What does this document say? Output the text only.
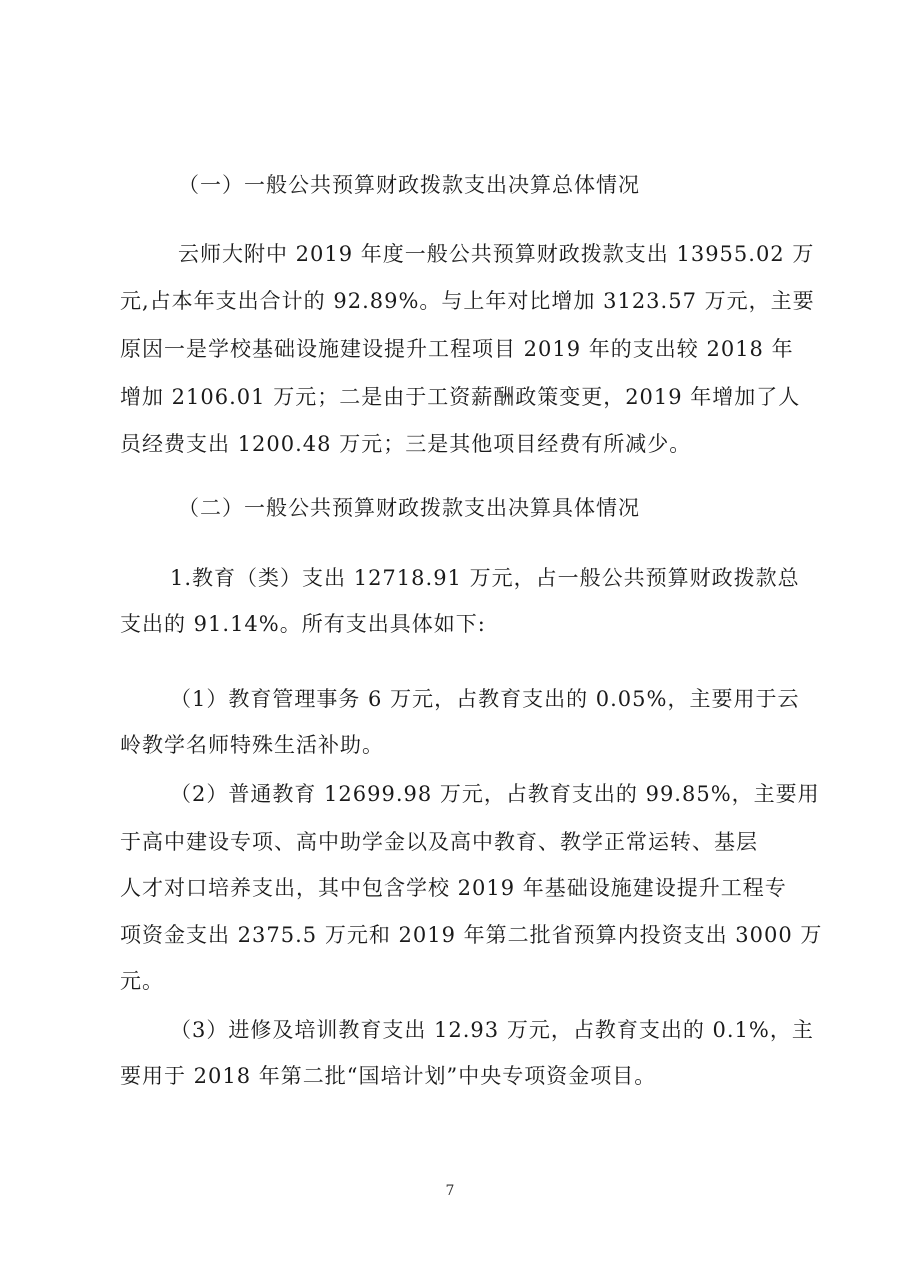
（一）一般公共预算财政拨款支出决算总体情况
云师大附中 2019 年度一般公共预算财政拨款支出 13955.02 万
元,占本年支出合计的 92.89%。与上年对比增加 3123.57 万元，主要
原因一是学校基础设施建设提升工程项目 2019 年的支出较 2018 年
增加 2106.01 万元；二是由于工资薪酬政策变更，2019 年增加了人
员经费支出 1200.48 万元；三是其他项目经费有所减少。
（二）一般公共预算财政拨款支出决算具体情况
1.教育（类）支出 12718.91 万元，占一般公共预算财政拨款总
支出的 91.14%。所有支出具体如下:
（1）教育管理事务 6 万元，占教育支出的 0.05%，主要用于云
岭教学名师特殊生活补助。
（2）普通教育 12699.98 万元，占教育支出的 99.85%，主要用
于高中建设专项、高中助学金以及高中教育、教学正常运转、基层
人才对口培养支出，其中包含学校 2019 年基础设施建设提升工程专
项资金支出 2375.5 万元和 2019 年第二批省预算内投资支出 3000 万
元。
（3）进修及培训教育支出 12.93 万元，占教育支出的 0.1%，主
要用于 2018 年第二批“国培计划”中央专项资金项目。
7
